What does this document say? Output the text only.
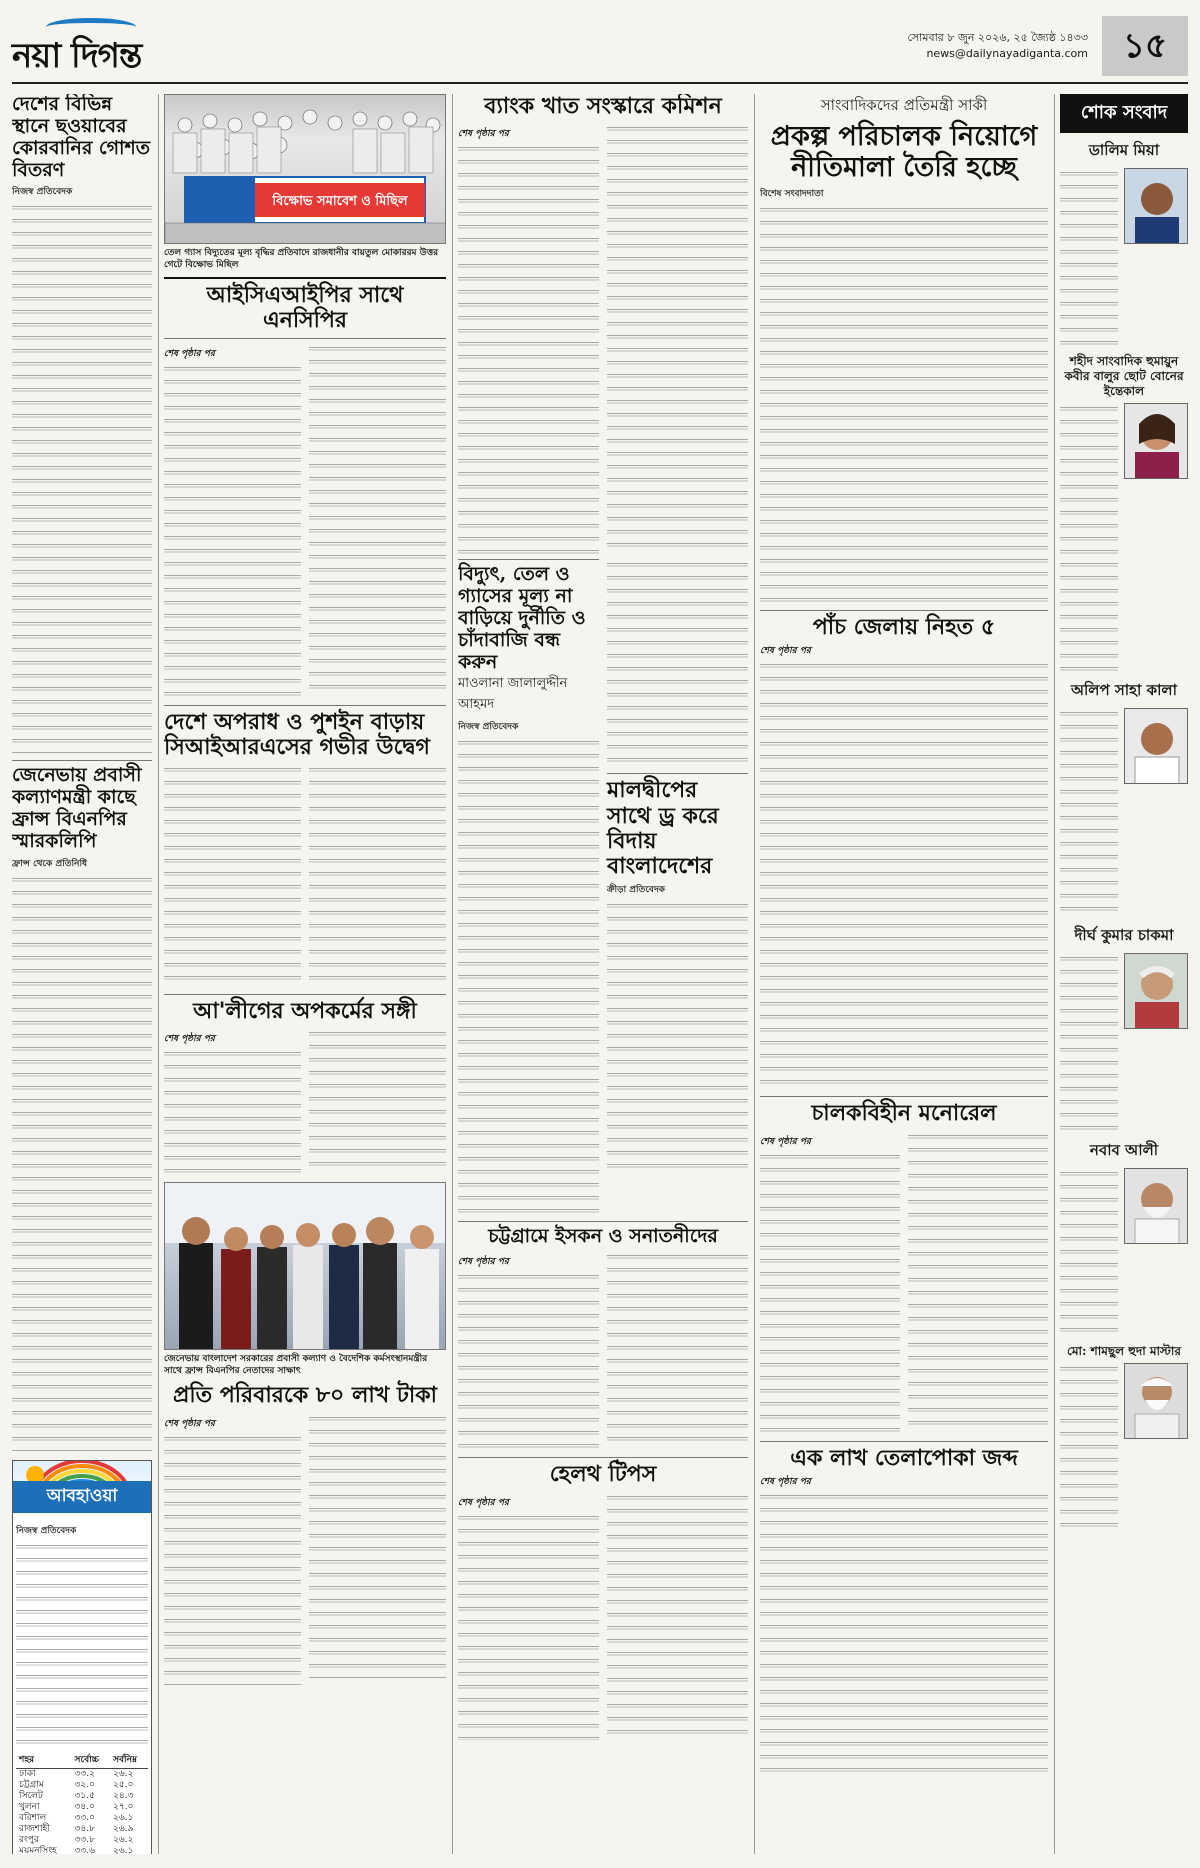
নয়া দিগন্ত	সোমবার ৮ জুন ২০২৬, ২৫ জ্যৈষ্ঠ ১৪৩৩
news@dailynayadiganta.com	১৫
দেশের বিভিন্ন স্থানে ছওয়াবের কোরবানির গোশত বিতরণ
নিজস্ব প্রতিবেদক
জেনেভায় প্রবাসী কল্যাণমন্ত্রী কাছে ফ্রান্স বিএনপির স্মারকলিপি
ফ্রান্স থেকে প্রতিনিধি
আবহাওয়া
নিজস্ব প্রতিবেদক
শহর	সর্বোচ্চ	সর্বনিম্ন
ঢাকা	৩৩.২	২৬.২
চট্টগ্রাম	৩২.০	২৫.০
সিলেট	৩১.৫	২৪.৩
খুলনা	৩৪.০	২৭.০
বরিশাল	৩৩.০	২৬.১
রাজশাহী	৩৪.৮	২৬.৯
রংপুর	৩৩.৮	২৬.২
ময়মনসিংহ	৩৩.৬	২৬.১
বিক্ষোভ সমাবেশ ও মিছিল
তেল গ্যাস বিদ্যুতের মূল্য বৃদ্ধির প্রতিবাদে রাজধানীর বায়তুল মোকাররম উত্তর গেটে বিক্ষোভ মিছিল
আইসিএআইপির সাথে এনসিপির
শেষ পৃষ্ঠার পর
দেশে অপরাধ ও পুশইন বাড়ায় সিআইআরএসের গভীর উদ্বেগ
আ'লীগের অপকর্মের সঙ্গী
শেষ পৃষ্ঠার পর
জেনেভায় বাংলাদেশ সরকারের প্রবাসী কল্যাণ ও বৈদেশিক কর্মসংস্থানমন্ত্রীর সাথে ফ্রান্স বিএনপির নেতাদের সাক্ষাৎ
প্রতি পরিবারকে ৮০ লাখ টাকা
শেষ পৃষ্ঠার পর
ব্যাংক খাত সংস্কারে কমিশন
শেষ পৃষ্ঠার পর
বিদ্যুৎ, তেল ও গ্যাসের মূল্য না বাড়িয়ে দুর্নীতি ও চাঁদাবাজি বন্ধ করুন
মাওলানা জালালুদ্দীন আহমদ
নিজস্ব প্রতিবেদক
মালদ্বীপের সাথে ড্র করে বিদায় বাংলাদেশের
ক্রীড়া প্রতিবেদক
চট্টগ্রামে ইসকন ও সনাতনীদের
শেষ পৃষ্ঠার পর
হেলথ টিপস
শেষ পৃষ্ঠার পর
সাংবাদিকদের প্রতিমন্ত্রী সাকী
প্রকল্প পরিচালক নিয়োগে নীতিমালা তৈরি হচ্ছে
বিশেষ সংবাদদাতা
পাঁচ জেলায় নিহত ৫
শেষ পৃষ্ঠার পর
চালকবিহীন মনোরেল
শেষ পৃষ্ঠার পর
এক লাখ তেলাপোকা জব্দ
শেষ পৃষ্ঠার পর
শোক সংবাদ
ডালিম মিয়া
শহীদ সাংবাদিক হুমায়ুন কবীর বালুর ছোট বোনের ইন্তেকাল
অলিপ সাহা কালা
দীর্ঘ কুমার চাকমা
নবাব আলী
মো: শামছুল হুদা মাস্টার
